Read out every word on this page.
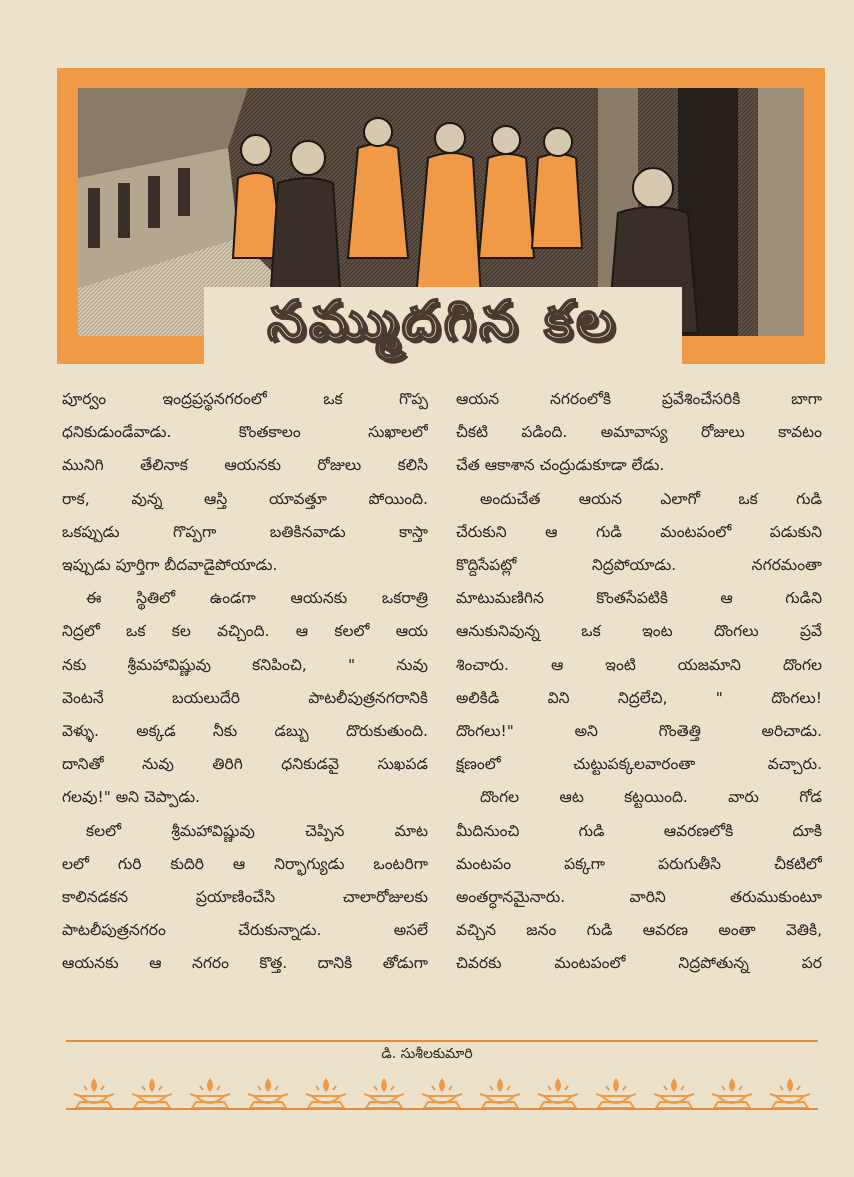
నమ్ముదగిన కల

పూర్వం ఇంద్రప్రస్థనగరంలో ఒక గొప్ప

ధనికుడుండేవాడు. కొంతకాలం సుఖాలలో

మునిగి తేలినాక ఆయనకు రోజులు కలిసి

రాక, వున్న ఆస్తి యావత్తూ పోయింది.

ఒకప్పుడు గొప్పగా బతికినవాడు కాస్తా

ఇప్పుడు పూర్తిగా బీదవాడైపోయాడు.

ఈ స్థితిలో ఉండగా ఆయనకు ఒకరాత్రి

నిద్రలో ఒక కల వచ్చింది. ఆ కలలో ఆయ

నకు శ్రీమహావిష్ణువు కనిపించి, " నువు

వెంటనే బయలుదేరి పాటలీపుత్రనగరానికి

వెళ్ళు. అక్కడ నీకు డబ్బు దొరుకుతుంది.

దానితో నువు తిరిగి ధనికుడవై సుఖపడ

గలవు!" అని చెప్పాడు.

కలలో శ్రీమహావిష్ణువు చెప్పిన మాట

లలో గురి కుదిరి ఆ నిర్భాగ్యుడు ఒంటరిగా

కాలినడకన ప్రయాణించేసి చాలారోజులకు

పాటలీపుత్రనగరం చేరుకున్నాడు. అసలే

ఆయనకు ఆ నగరం కొత్త. దానికి తోడుగా

ఆయన నగరంలోకి ప్రవేశించేసరికి బాగా

చీకటి పడింది. అమావాస్య రోజులు కావటం

చేత ఆకాశాన చంద్రుడుకూడా లేడు.

అందుచేత ఆయన ఎలాగో ఒక గుడి

చేరుకుని ఆ గుడి మంటపంలో పడుకుని

కొద్దిసేపట్లో నిద్రపోయాడు. నగరమంతా

మాటుమణిగిన కొంతసేపటికి ఆ గుడిని

ఆనుకునివున్న ఒక ఇంట దొంగలు ప్రవే

శించారు. ఆ ఇంటి యజమాని దొంగల

అలికిడి విని నిద్రలేచి, " దొంగలు!

దొంగలు!" అని గొంతెత్తి అరిచాడు.

క్షణంలో చుట్టుపక్కలవారంతా వచ్చారు.

దొంగల ఆట కట్టయింది. వారు గోడ

మీదినుంచి గుడి ఆవరణలోకి దూకి

మంటపం పక్కగా పరుగుతీసి చీకటిలో

అంతర్ధానమైనారు. వారిని తరుముకుంటూ

వచ్చిన జనం గుడి ఆవరణ అంతా వెతికి,

చివరకు మంటపంలో నిద్రపోతున్న పర

డి. సుశీలకుమారి
